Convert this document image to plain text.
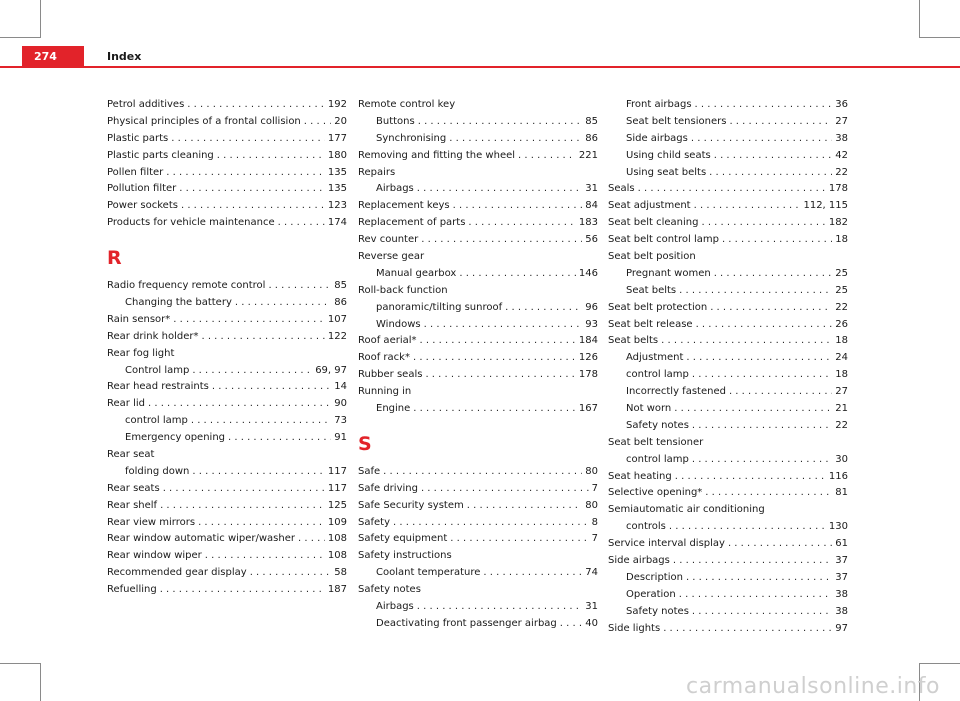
274	Index
Petrol additives . . .	192
Physical principles of a frontal collision . . .	20
Plastic parts . . .	177
Plastic parts cleaning . . .	180
Pollen filter . . .	135
Pollution filter . . .	135
Power sockets . . .	123
Products for vehicle maintenance . . .	174
R
Radio frequency remote control . . .	85
Changing the battery . . .	86
Rain sensor* . . .	107
Rear drink holder* . . .	122
Rear fog light
Control lamp . . .	69, 97
Rear head restraints . . .	14
Rear lid . . .	90
control lamp . . .	73
Emergency opening . . .	91
Rear seat
folding down . . .	117
Rear seats . . .	117
Rear shelf . . .	125
Rear view mirrors . . .	109
Rear window automatic wiper/washer . . .	108
Rear window wiper . . .	108
Recommended gear display . . .	58
Refuelling . . .	187
Remote control key
Buttons . . .	85
Synchronising . . .	86
Removing and fitting the wheel . . .	221
Repairs
Airbags . . .	31
Replacement keys . . .	84
Replacement of parts . . .	183
Rev counter . . .	56
Reverse gear
Manual gearbox . . .	146
Roll-back function
panoramic/tilting sunroof . . .	96
Windows . . .	93
Roof aerial* . . .	184
Roof rack* . . .	126
Rubber seals . . .	178
Running in
Engine . . .	167
S
Safe . . .	80
Safe driving . . .	7
Safe Security system . . .	80
Safety . . .	8
Safety equipment . . .	7
Safety instructions
Coolant temperature . . .	74
Safety notes
Airbags . . .	31
Deactivating front passenger airbag . . .	40
Front airbags . . .	36
Seat belt tensioners . . .	27
Side airbags . . .	38
Using child seats . . .	42
Using seat belts . . .	22
Seals . . .	178
Seat adjustment . . .	112, 115
Seat belt cleaning . . .	182
Seat belt control lamp . . .	18
Seat belt position
Pregnant women . . .	25
Seat belts . . .	25
Seat belt protection . . .	22
Seat belt release . . .	26
Seat belts . . .	18
Adjustment . . .	24
control lamp . . .	18
Incorrectly fastened . . .	27
Not worn . . .	21
Safety notes . . .	22
Seat belt tensioner
control lamp . . .	30
Seat heating . . .	116
Selective opening* . . .	81
Semiautomatic air conditioning
controls . . .	130
Service interval display . . .	61
Side airbags . . .	37
Description . . .	37
Operation . . .	38
Safety notes . . .	38
Side lights . . .	97
carmanualsonline.info
